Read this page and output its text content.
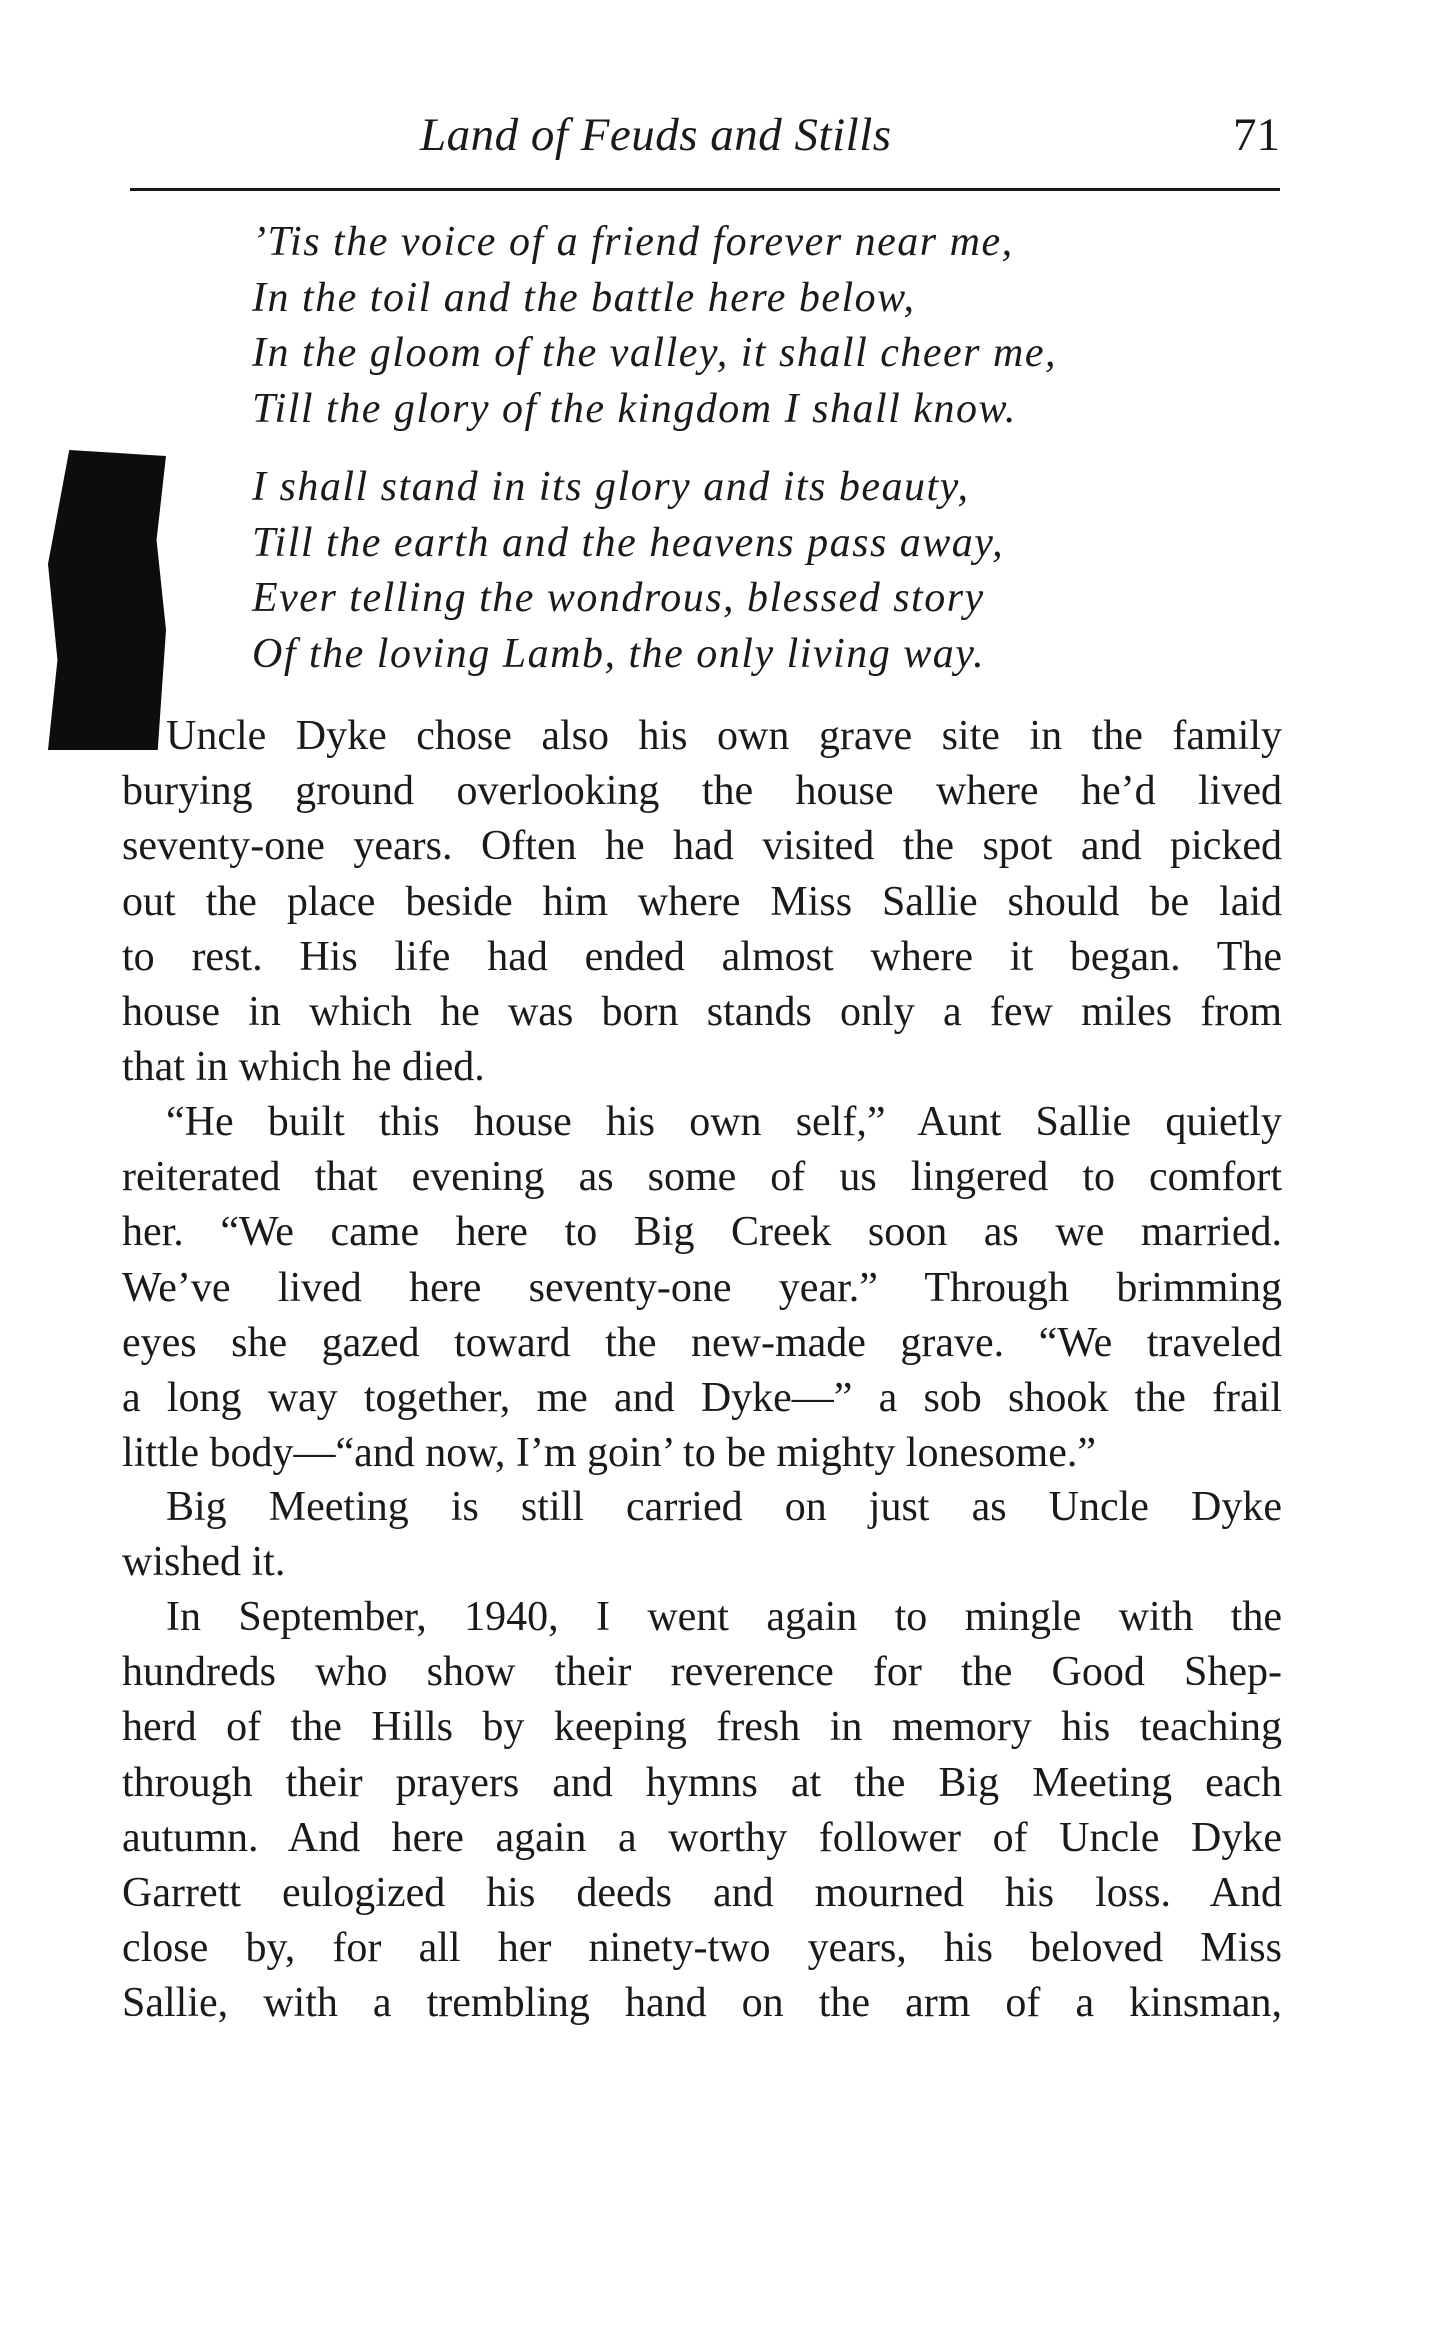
Land of Feuds and Stills	71
’Tis the voice of a friend forever near me,
In the toil and the battle here below,
In the gloom of the valley, it shall cheer me,
Till the glory of the kingdom I shall know.
I shall stand in its glory and its beauty,
Till the earth and the heavens pass away,
Ever telling the wondrous, blessed story
Of the loving Lamb, the only living way.
Uncle Dyke chose also his own grave site in the family
burying ground overlooking the house where he’d lived
seventy-one years. Often he had visited the spot and picked
out the place beside him where Miss Sallie should be laid
to rest. His life had ended almost where it began. The
house in which he was born stands only a few miles from
that in which he died.
“He built this house his own self,” Aunt Sallie quietly
reiterated that evening as some of us lingered to comfort
her. “We came here to Big Creek soon as we married.
We’ve lived here seventy-one year.” Through brimming
eyes she gazed toward the new-made grave. “We traveled
a long way together, me and Dyke—” a sob shook the frail
little body—“and now, I’m goin’ to be mighty lonesome.”
Big Meeting is still carried on just as Uncle Dyke
wished it.
In September, 1940, I went again to mingle with the
hundreds who show their reverence for the Good Shep-
herd of the Hills by keeping fresh in memory his teaching
through their prayers and hymns at the Big Meeting each
autumn. And here again a worthy follower of Uncle Dyke
Garrett eulogized his deeds and mourned his loss. And
close by, for all her ninety-two years, his beloved Miss
Sallie, with a trembling hand on the arm of a kinsman,
